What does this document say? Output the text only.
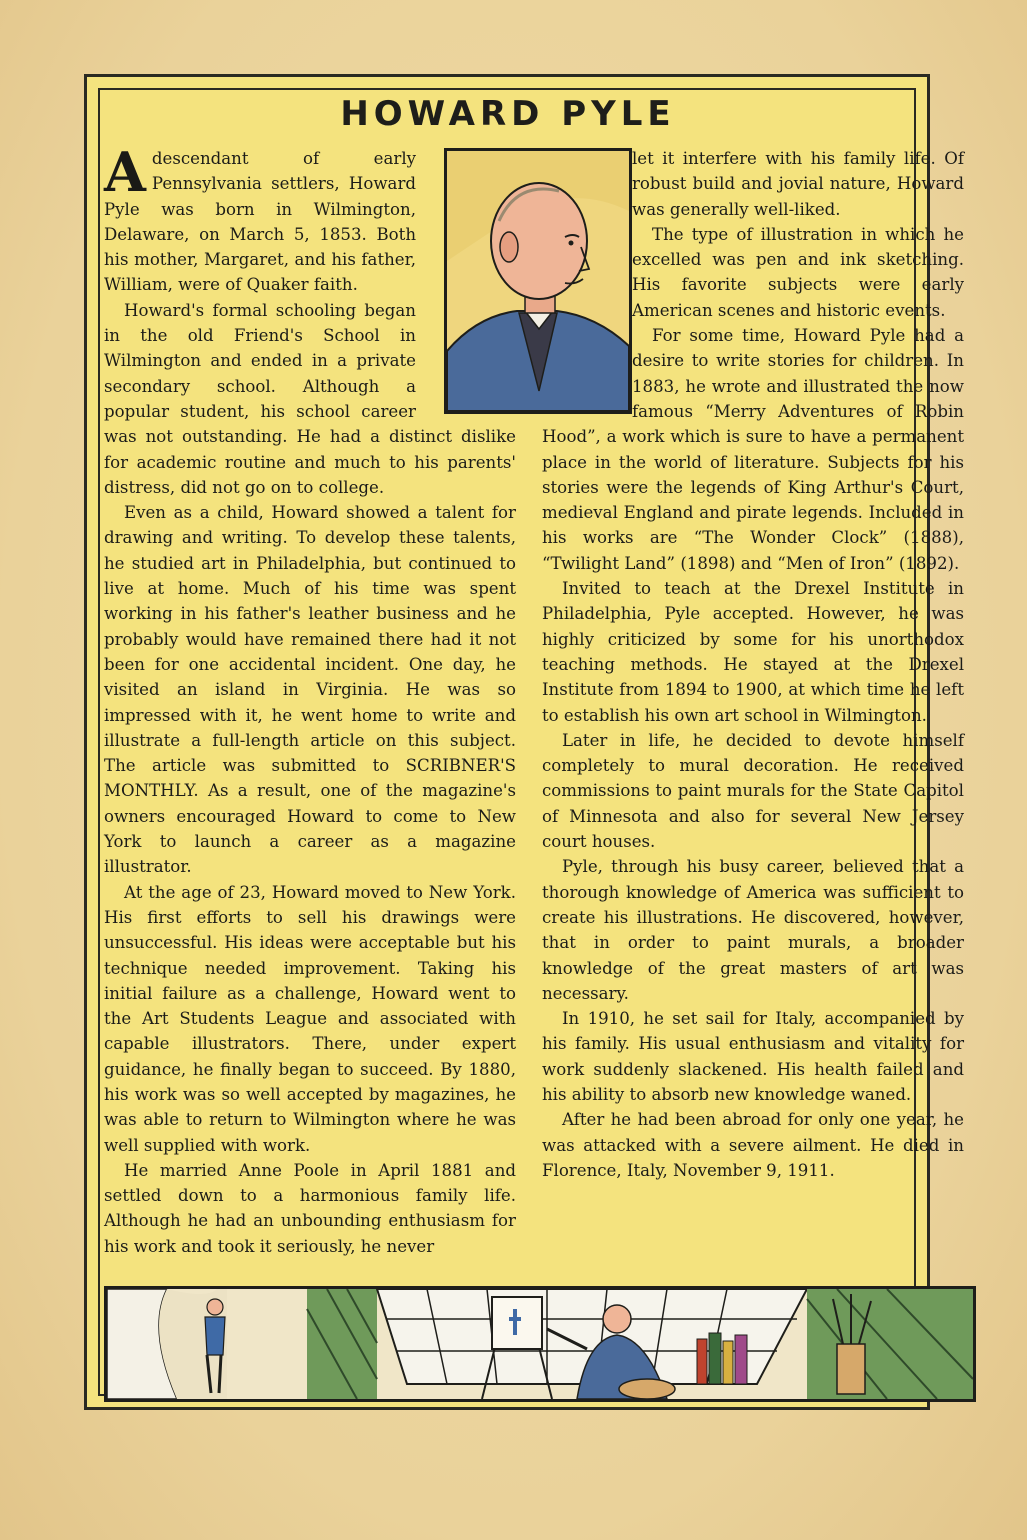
HOWARD PYLE

A descendant of early Pennsylvania settlers, Howard Pyle was born in Wilmington, Delaware, on March 5, 1853. Both his mother, Margaret, and his father, William, were of Quaker faith.

Howard's formal schooling began in the old Friend's School in Wilmington and ended in a private secondary school. Although a popular student, his school career was not outstanding. He had a distinct dislike for academic routine and much to his parents' distress, did not go on to college.

Even as a child, Howard showed a talent for drawing and writing. To develop these talents, he studied art in Philadelphia, but continued to live at home. Much of his time was spent working in his father's leather business and he probably would have remained there had it not been for one accidental incident. One day, he visited an island in Virginia. He was so impressed with it, he went home to write and illustrate a full-length article on this subject. The article was submitted to SCRIBNER'S MONTHLY. As a result, one of the magazine's owners encouraged Howard to come to New York to launch a career as a magazine illustrator.

At the age of 23, Howard moved to New York. His first efforts to sell his drawings were unsuccessful. His ideas were acceptable but his technique needed improvement. Taking his initial failure as a challenge, Howard went to the Art Students League and associated with capable illustrators. There, under expert guidance, he finally began to succeed. By 1880, his work was so well accepted by magazines, he was able to return to Wilmington where he was well supplied with work.

He married Anne Poole in April 1881 and settled down to a harmonious family life. Although he had an unbounding enthusiasm for his work and took it seriously, he never

let it interfere with his family life. Of robust build and jovial nature, Howard was generally well-liked.

The type of illustration in which he excelled was pen and ink sketching. His favorite subjects were early American scenes and historic events.

For some time, Howard Pyle had a desire to write stories for children. In 1883, he wrote and illustrated the now famous “Merry Adventures of Robin Hood”, a work which is sure to have a permanent place in the world of literature. Subjects for his stories were the legends of King Arthur's Court, medieval England and pirate legends. Included in his works are “The Wonder Clock” (1888), “Twilight Land” (1898) and “Men of Iron” (1892).

Invited to teach at the Drexel Institute in Philadelphia, Pyle accepted. However, he was highly criticized by some for his unorthodox teaching methods. He stayed at the Drexel Institute from 1894 to 1900, at which time he left to establish his own art school in Wilmington.

Later in life, he decided to devote himself completely to mural decoration. He received commissions to paint murals for the State Capitol of Minnesota and also for several New Jersey court houses.

Pyle, through his busy career, believed that a thorough knowledge of America was sufficient to create his illustrations. He discovered, however, that in order to paint murals, a broader knowledge of the great masters of art was necessary.

In 1910, he set sail for Italy, accompanied by his family. His usual enthusiasm and vitality for work suddenly slackened. His health failed and his ability to absorb new knowledge waned.

After he had been abroad for only one year, he was attacked with a severe ailment. He died in Florence, Italy, November 9, 1911.
